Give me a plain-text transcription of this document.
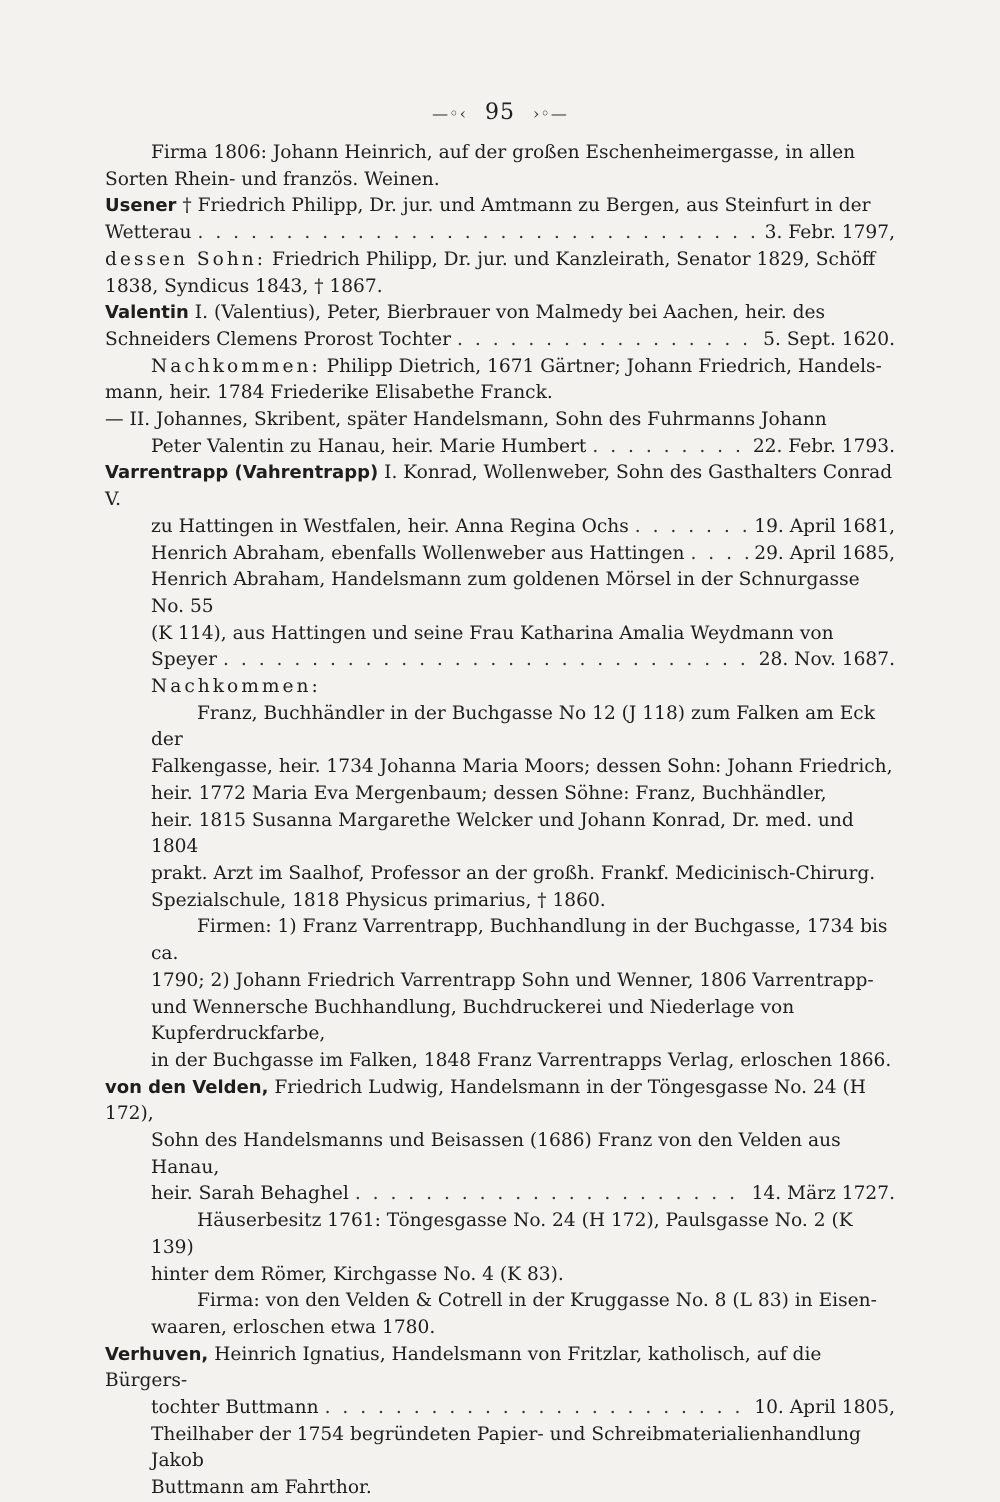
—◦‹ 95 ›◦—

Firma 1806: Johann Heinrich, auf der großen Eschenheimergasse, in allen

Sorten Rhein- und französ. Weinen.

Usener † Friedrich Philipp, Dr. jur. und Amtmann zu Bergen, aus Steinfurt in der

Wetterau . . .	3. Febr. 1797,

dessen Sohn: Friedrich Philipp, Dr. jur. und Kanzleirath, Senator 1829, Schöff

1838, Syndicus 1843, † 1867.

Valentin I. (Valentius), Peter, Bierbrauer von Malmedy bei Aachen, heir. des

Schneiders Clemens Prorost Tochter . . .	5. Sept. 1620.

Nachkommen: Philipp Dietrich, 1671 Gärtner; Johann Friedrich, Handels-

mann, heir. 1784 Friederike Elisabethe Franck.

— II. Johannes, Skribent, später Handelsmann, Sohn des Fuhrmanns Johann

Peter Valentin zu Hanau, heir. Marie Humbert . . .	22. Febr. 1793.

Varrentrapp (Vahrentrapp) I. Konrad, Wollenweber, Sohn des Gasthalters Conrad V.

zu Hattingen in Westfalen, heir. Anna Regina Ochs . . .	19. April 1681,
Henrich Abraham, ebenfalls Wollenweber aus Hattingen . . .	29. April 1685,

Henrich Abraham, Handelsmann zum goldenen Mörsel in der Schnurgasse No. 55

(K 114), aus Hattingen und seine Frau Katharina Amalia Weydmann von

Speyer . . .	28. Nov. 1687.

Nachkommen:

Franz, Buchhändler in der Buchgasse No 12 (J 118) zum Falken am Eck der

Falkengasse, heir. 1734 Johanna Maria Moors; dessen Sohn: Johann Friedrich,

heir. 1772 Maria Eva Mergenbaum; dessen Söhne: Franz, Buchhändler,

heir. 1815 Susanna Margarethe Welcker und Johann Konrad, Dr. med. und 1804

prakt. Arzt im Saalhof, Professor an der großh. Frankf. Medicinisch-Chirurg.

Spezialschule, 1818 Physicus primarius, † 1860.

Firmen: 1) Franz Varrentrapp, Buchhandlung in der Buchgasse, 1734 bis ca.

1790; 2) Johann Friedrich Varrentrapp Sohn und Wenner, 1806 Varrentrapp-

und Wennersche Buchhandlung, Buchdruckerei und Niederlage von Kupferdruckfarbe,

in der Buchgasse im Falken, 1848 Franz Varrentrapps Verlag, erloschen 1866.

von den Velden, Friedrich Ludwig, Handelsmann in der Töngesgasse No. 24 (H 172),

Sohn des Handelsmanns und Beisassen (1686) Franz von den Velden aus Hanau,

heir. Sarah Behaghel . . .	14. März 1727.

Häuserbesitz 1761: Töngesgasse No. 24 (H 172), Paulsgasse No. 2 (K 139)

hinter dem Römer, Kirchgasse No. 4 (K 83).

Firma: von den Velden & Cotrell in der Kruggasse No. 8 (L 83) in Eisen-

waaren, erloschen etwa 1780.

Verhuven, Heinrich Ignatius, Handelsmann von Fritzlar, katholisch, auf die Bürgers-

tochter Buttmann . . .	10. April 1805,

Theilhaber der 1754 begründeten Papier- und Schreibmaterialienhandlung Jakob

Buttmann am Fahrthor.
